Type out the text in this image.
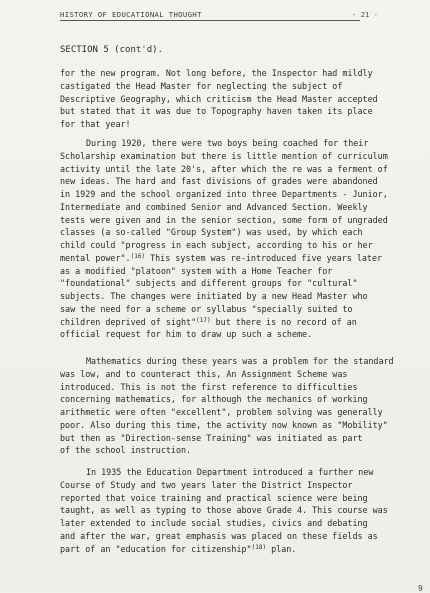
HISTORY OF EDUCATIONAL THOUGHT	- 21 -
SECTION 5 (cont'd).
for the new program. Not long before, the Inspector had mildly
castigated the Head Master for neglecting the subject of
Descriptive Geography, which criticism the Head Master accepted
but stated that it was due to Topography haven taken its place
for that year!
During 1920, there were two boys being coached for their
Scholarship examination but there is little mention of curriculum
activity until the late 20's, after which the re was a ferment of
new ideas. The hard and fast divisions of grades were abandoned
in 1929 and the school organized into three Departments - Junior,
Intermediate and combined Senior and Advanced Section. Weekly
tests were given and in the senior section, some form of ungraded
classes (a so-called "Group System") was used, by which each
child could "progress in each subject, according to his or her
mental power".$^{(16)}$ This system was re-introduced five years later
as a modified "platoon" system with a Home Teacher for
"foundational" subjects and different groups for "cultural"
subjects. The changes were initiated by a new Head Master who
saw the need for a scheme or syllabus "specially suited to
children deprived of sight"$^{(17)}$ but there is no record of an
official request for him to draw up such a scheme.
Mathematics during these years was a problem for the standard
was low, and to counteract this, An Assignment Scheme was
introduced. This is not the first reference to difficulties
concerning mathematics, for although the mechanics of working
arithmetic were often "excellent", problem solving was generally
poor. Also during this time, the activity now known as "Mobility"
but then as "Direction-sense Training" was initiated as part
of the school instruction.
In 1935 the Education Department introduced a further new
Course of Study and two years later the District Inspector
reported that voice training and practical science were being
taught, as well as typing to those above Grade 4. This course was
later extended to include social studies, civics and debating
and after the war, great emphasis was placed on these fields as
part of an "education for citizenship"$^{(18)}$ plan.
9
